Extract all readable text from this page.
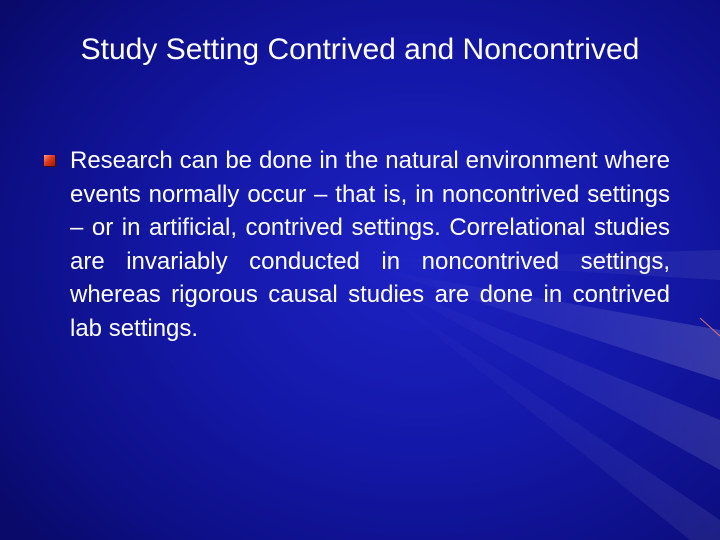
Study Setting Contrived and Noncontrived
Research can be done in the natural environment where events normally occur – that is, in noncontrived settings – or in artificial, contrived settings. Correlational studies are invariably conducted in noncontrived settings, whereas rigorous causal studies are done in contrived lab settings.
